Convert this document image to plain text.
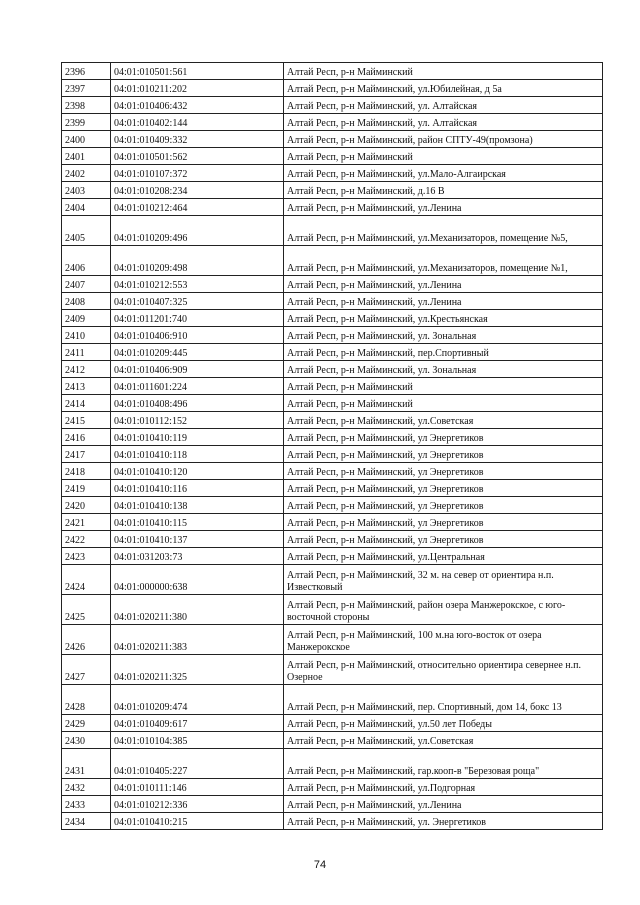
2396	04:01:010501:561	Алтай Респ, р-н Майминский
2397	04:01:010211:202	Алтай Респ, р-н Майминский, ул.Юбилейная, д 5а
2398	04:01:010406:432	Алтай Респ, р-н Майминский, ул. Алтайская
2399	04:01:010402:144	Алтай Респ, р-н Майминский, ул. Алтайская
2400	04:01:010409:332	Алтай Респ, р-н Майминский, район СПТУ-49(промзона)
2401	04:01:010501:562	Алтай Респ, р-н Майминский
2402	04:01:010107:372	Алтай Респ, р-н Майминский, ул.Мало-Алгаирская
2403	04:01:010208:234	Алтай Респ, р-н Майминский, д.16 В
2404	04:01:010212:464	Алтай Респ, р-н Майминский, ул.Ленина
2405	04:01:010209:496	Алтай Респ, р-н Майминский, ул.Механизаторов, помещение №5,
2406	04:01:010209:498	Алтай Респ, р-н Майминский, ул.Механизаторов, помещение №1,
2407	04:01:010212:553	Алтай Респ, р-н Майминский, ул.Ленина
2408	04:01:010407:325	Алтай Респ, р-н Майминский, ул.Ленина
2409	04:01:011201:740	Алтай Респ, р-н Майминский, ул.Крестьянская
2410	04:01:010406:910	Алтай Респ, р-н Майминский, ул. Зональная
2411	04:01:010209:445	Алтай Респ, р-н Майминский, пер.Спортивный
2412	04:01:010406:909	Алтай Респ, р-н Майминский, ул. Зональная
2413	04:01:011601:224	Алтай Респ, р-н Майминский
2414	04:01:010408:496	Алтай Респ, р-н Майминский
2415	04:01:010112:152	Алтай Респ, р-н Майминский, ул.Советская
2416	04:01:010410:119	Алтай Респ, р-н Майминский, ул Энергетиков
2417	04:01:010410:118	Алтай Респ, р-н Майминский, ул Энергетиков
2418	04:01:010410:120	Алтай Респ, р-н Майминский, ул Энергетиков
2419	04:01:010410:116	Алтай Респ, р-н Майминский, ул Энергетиков
2420	04:01:010410:138	Алтай Респ, р-н Майминский, ул Энергетиков
2421	04:01:010410:115	Алтай Респ, р-н Майминский, ул Энергетиков
2422	04:01:010410:137	Алтай Респ, р-н Майминский, ул Энергетиков
2423	04:01:031203:73	Алтай Респ, р-н Майминский, ул.Центральная
2424	04:01:000000:638	Алтай Респ, р-н Майминский, 32 м. на север от ориентира н.п. Известковый
2425	04:01:020211:380	Алтай Респ, р-н Майминский, район озера Манжерокское, с юго-восточной стороны
2426	04:01:020211:383	Алтай Респ, р-н Майминский, 100 м.на юго-восток от озера Манжерокское
2427	04:01:020211:325	Алтай Респ, р-н Майминский, относительно ориентира севернее н.п. Озерное
2428	04:01:010209:474	Алтай Респ, р-н Майминский, пер. Спортивный, дом 14, бокс 13
2429	04:01:010409:617	Алтай Респ, р-н Майминский, ул.50 лет Победы
2430	04:01:010104:385	Алтай Респ, р-н Майминский, ул.Советская
2431	04:01:010405:227	Алтай Респ, р-н Майминский, гар.кооп-в "Березовая роща"
2432	04:01:010111:146	Алтай Респ, р-н Майминский, ул.Подгорная
2433	04:01:010212:336	Алтай Респ, р-н Майминский, ул.Ленина
2434	04:01:010410:215	Алтай Респ, р-н Майминский, ул. Энергетиков
74
